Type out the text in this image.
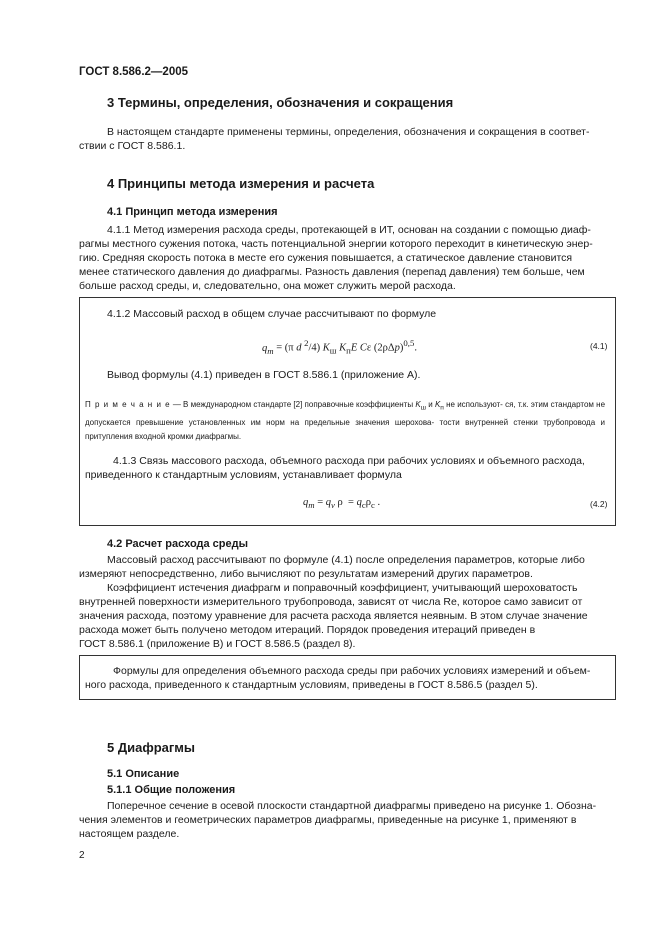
ГОСТ 8.586.2—2005
3 Термины, определения, обозначения и сокращения
В настоящем стандарте применены термины, определения, обозначения и сокращения в соответ-
ствии с ГОСТ 8.586.1.
4 Принципы метода измерения и расчета
4.1 Принцип метода измерения
4.1.1 Метод измерения расхода среды, протекающей в ИТ, основан на создании с помощью диаф-
рагмы местного сужения потока, часть потенциальной энергии которого переходит в кинетическую энер-
гию. Средняя скорость потока в месте его сужения повышается, а статическое давление становится
менее статического давления до диафрагмы. Разность давления (перепад давления) тем больше, чем
больше расход среды, и, следовательно, она может служить мерой расхода.
4.1.2 Массовый расход в общем случае рассчитывают по формуле
$q_m = (\pi$ d $^2$/4) $K_ш$ $K_пE$ Cε $(2\rho\Delta p)^{0,5}$.	(4.1)
Вывод формулы (4.1) приведен в ГОСТ 8.586.1 (приложение А).
П р и м е ч а н и е — В международном стандарте [2] поправочные коэффициенты $K_ш$ и $K_п$ не используют- ся, т.к. этим стандартом не допускается превышение установленных им норм на предельные значения шерохова- тости внутренней стенки трубопровода и притупления входной кромки диафрагмы.
4.1.3 Связь массового расхода, объемного расхода при рабочих условиях и объемного расхода,
приведенного к стандартным условиям, устанавливает формула
$q_m = q_v$ $\rho = q_c\rho_c$ .	(4.2)
4.2 Расчет расхода среды
Массовый расход рассчитывают по формуле (4.1) после определения параметров, которые либо
измеряют непосредственно, либо вычисляют по результатам измерений других параметров.
Коэффициент истечения диафрагм и поправочный коэффициент, учитывающий шероховатость
внутренней поверхности измерительного трубопровода, зависят от числа Re, которое само зависит от
значения расхода, поэтому уравнение для расчета расхода является неявным. В этом случае значение
расхода может быть получено методом итераций. Порядок проведения итераций приведен в
ГОСТ 8.586.1 (приложение В) и ГОСТ 8.586.5 (раздел 8).
Формулы для определения объемного расхода среды при рабочих условиях измерений и объем-
ного расхода, приведенного к стандартным условиям, приведены в ГОСТ 8.586.5 (раздел 5).
5 Диафрагмы
5.1 Описание
5.1.1 Общие положения
Поперечное сечение в осевой плоскости стандартной диафрагмы приведено на рисунке 1. Обозна-
чения элементов и геометрических параметров диафрагмы, приведенные на рисунке 1, применяют в
настоящем разделе.
2
